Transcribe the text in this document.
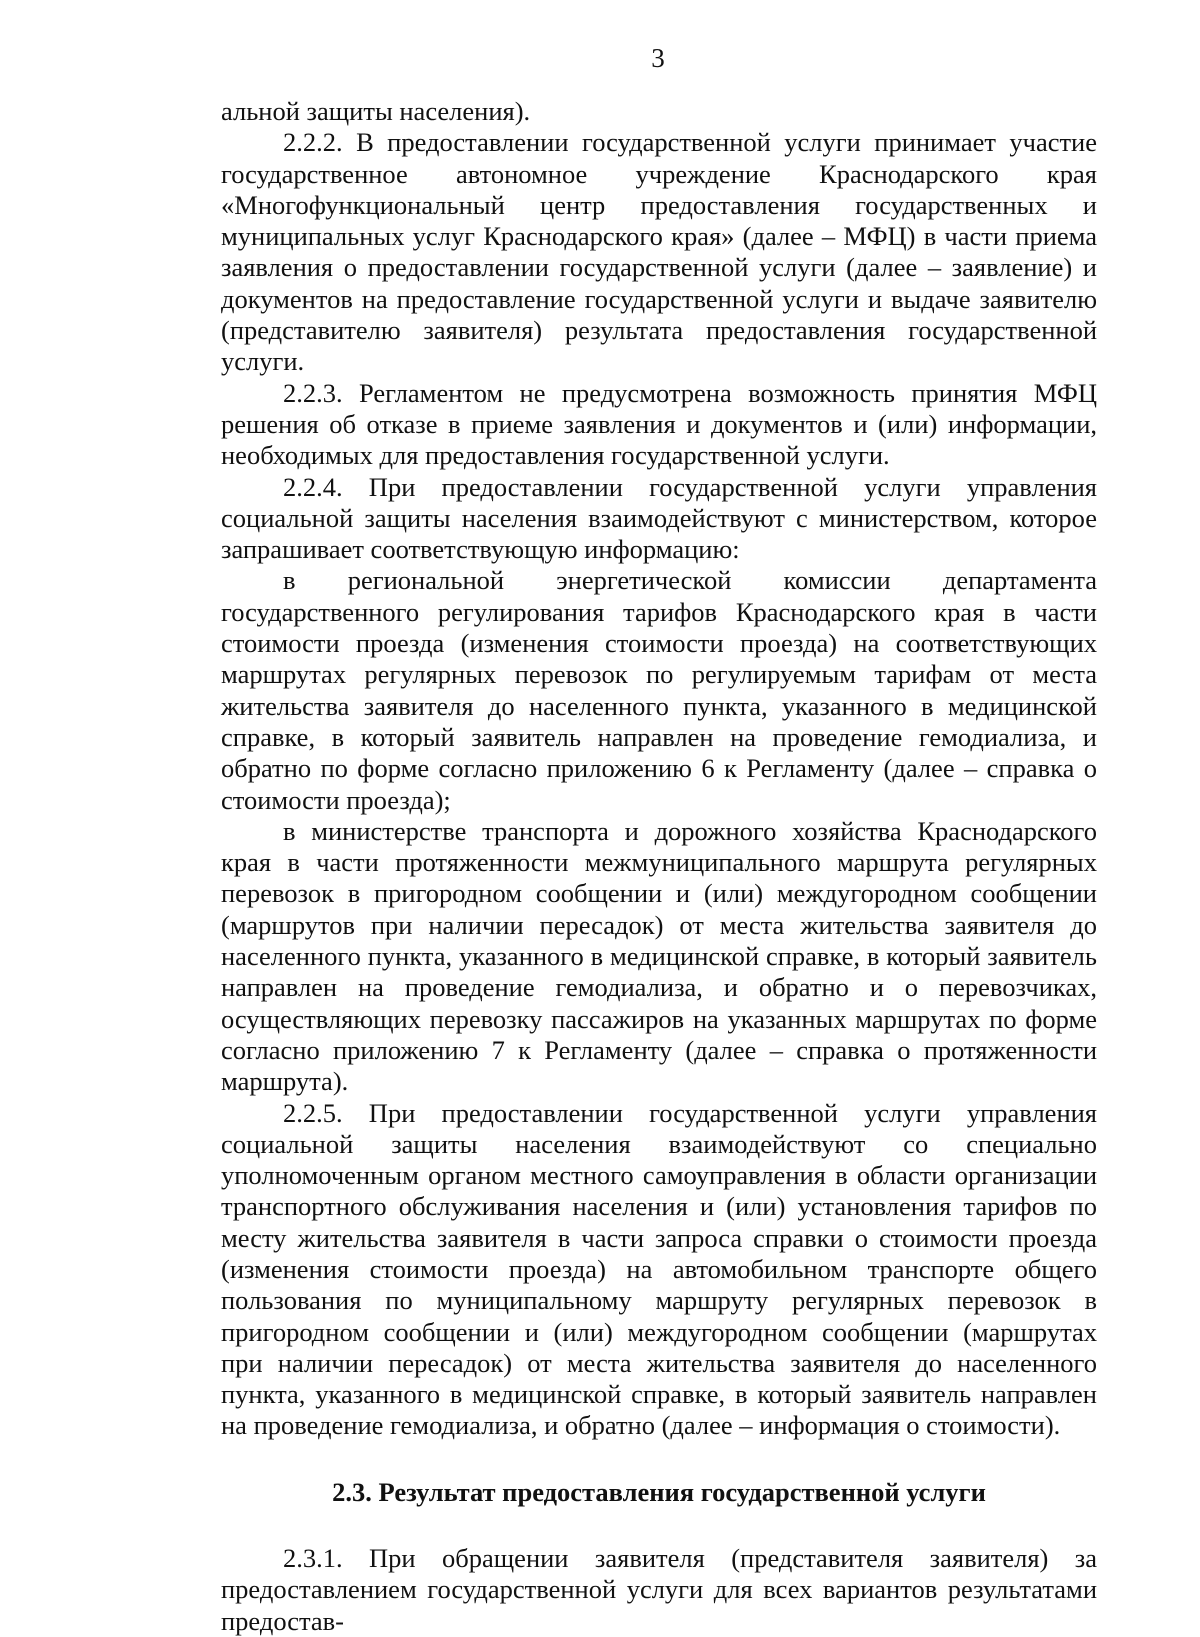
3

альной защиты населения).

2.2.2. В предоставлении государственной услуги принимает участие государственное автономное учреждение Краснодарского края «Многофункциональный центр предоставления государственных и муниципальных услуг Краснодарского края» (далее – МФЦ) в части приема заявления о предоставлении государственной услуги (далее – заявление) и документов на предоставление государственной услуги и выдаче заявителю (представителю заявителя) результата предоставления государственной услуги.

2.2.3. Регламентом не предусмотрена возможность принятия МФЦ решения об отказе в приеме заявления и документов и (или) информации, необходимых для предоставления государственной услуги.

2.2.4. При предоставлении государственной услуги управления социальной защиты населения взаимодействуют с министерством, которое запрашивает соответствующую информацию:

в региональной энергетической комиссии департамента государственного регулирования тарифов Краснодарского края в части стоимости проезда (изменения стоимости проезда) на соответствующих маршрутах регулярных перевозок по регулируемым тарифам от места жительства заявителя до населенного пункта, указанного в медицинской справке, в который заявитель направлен на проведение гемодиализа, и обратно по форме согласно приложению 6 к Регламенту (далее – справка о стоимости проезда);

в министерстве транспорта и дорожного хозяйства Краснодарского края в части протяженности межмуниципального маршрута регулярных перевозок в пригородном сообщении и (или) междугородном сообщении (маршрутов при наличии пересадок) от места жительства заявителя до населенного пункта, указанного в медицинской справке, в который заявитель направлен на проведение гемодиализа, и обратно и о перевозчиках, осуществляющих перевозку пассажиров на указанных маршрутах по форме согласно приложению 7 к Регламенту (далее – справка о протяженности маршрута).

2.2.5. При предоставлении государственной услуги управления социальной защиты населения взаимодействуют со специально уполномоченным органом местного самоуправления в области организации транспортного обслуживания населения и (или) установления тарифов по месту жительства заявителя в части запроса справки о стоимости проезда (изменения стоимости проезда) на автомобильном транспорте общего пользования по муниципальному маршруту регулярных перевозок в пригородном сообщении и (или) междугородном сообщении (маршрутах при наличии пересадок) от места жительства заявителя до населенного пункта, указанного в медицинской справке, в который заявитель направлен на проведение гемодиализа, и обратно (далее – информация о стоимости).

2.3. Результат предоставления государственной услуги

2.3.1. При обращении заявителя (представителя заявителя) за предоставлением государственной услуги для всех вариантов результатами предостав-
